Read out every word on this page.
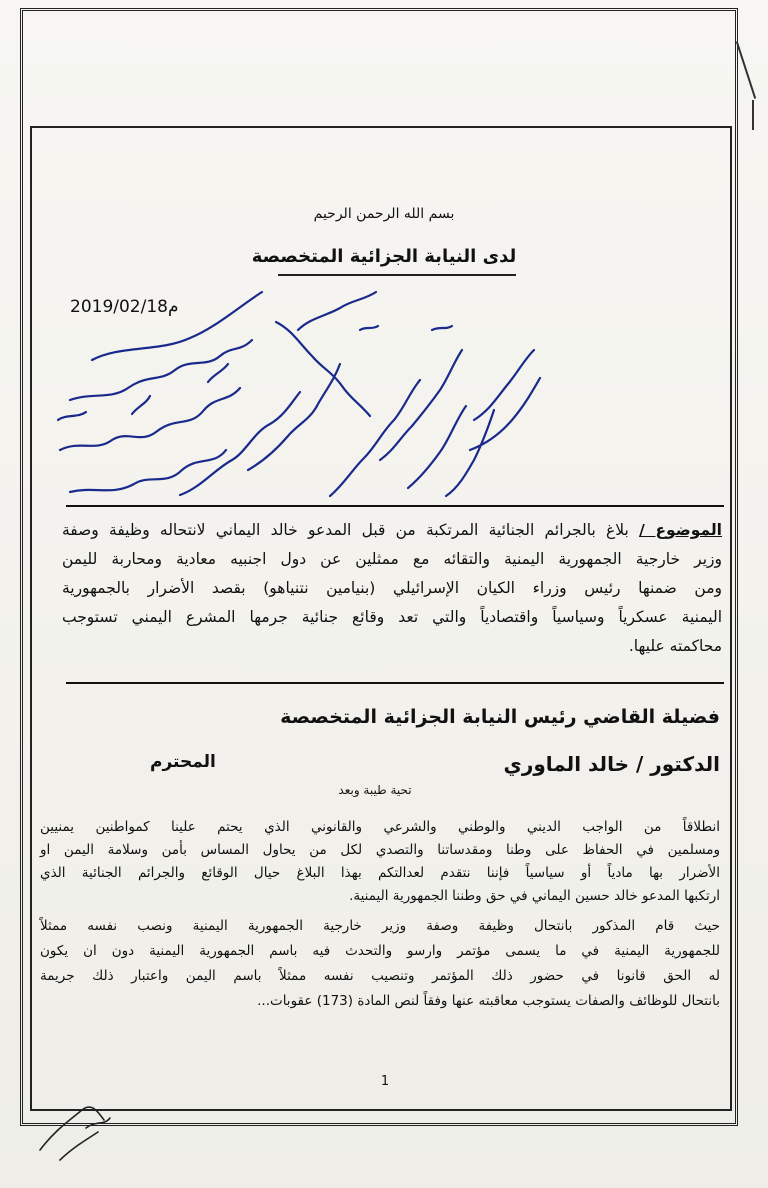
بسم الله الرحمن الرحيم
لدى النيابة الجزائية المتخصصة
2019/02/18م
الموضوع / بلاغ بالجرائم الجنائية المرتكبة من قبل المدعو خالد اليماني لانتحاله وظيفة وصفة
وزير خارجية الجمهورية اليمنية والتقائه مع ممثلين عن دول اجنبيه معادية ومحاربة لليمن
ومن ضمنها رئيس وزراء الكيان الإسرائيلي (بنيامين نتنياهو) بقصد الأضرار بالجمهورية
اليمنية عسكرياً وسياسياً واقتصادياً والتي تعد وقائع جنائية جرمها المشرع اليمني تستوجب
محاكمته عليها.
فضيلة القاضي رئيس النيابة الجزائية المتخصصة
الدكتور / خالد الماوري
المحترم
تحية طيبة وبعد
انطلاقاً من الواجب الديني والوطني والشرعي والقانوني الذي يحتم علينا كمواطنين يمنيين
ومسلمين في الحفاظ على وطنا ومقدساتنا والتصدي لكل من يحاول المساس بأمن وسلامة اليمن او
الأضرار بها مادياً أو سياسياً فإننا نتقدم لعدالتكم بهذا البلاغ حيال الوقائع والجرائم الجنائية الذي
ارتكبها المدعو خالد حسين اليماني في حق وطننا الجمهورية اليمنية.
حيث قام المذكور بانتحال وظيفة وصفة وزير خارجية الجمهورية اليمنية ونصب نفسه ممثلاً
للجمهورية اليمنية في ما يسمى مؤتمر وارسو والتحدث فيه باسم الجمهورية اليمنية دون ان يكون
له الحق قانونا في حضور ذلك المؤتمر وتنصيب نفسه ممثلاً باسم اليمن واعتبار ذلك جريمة
بانتحال للوظائف والصفات يستوجب معاقبته عنها وفقاً لنص المادة (173) عقوبات...
1
